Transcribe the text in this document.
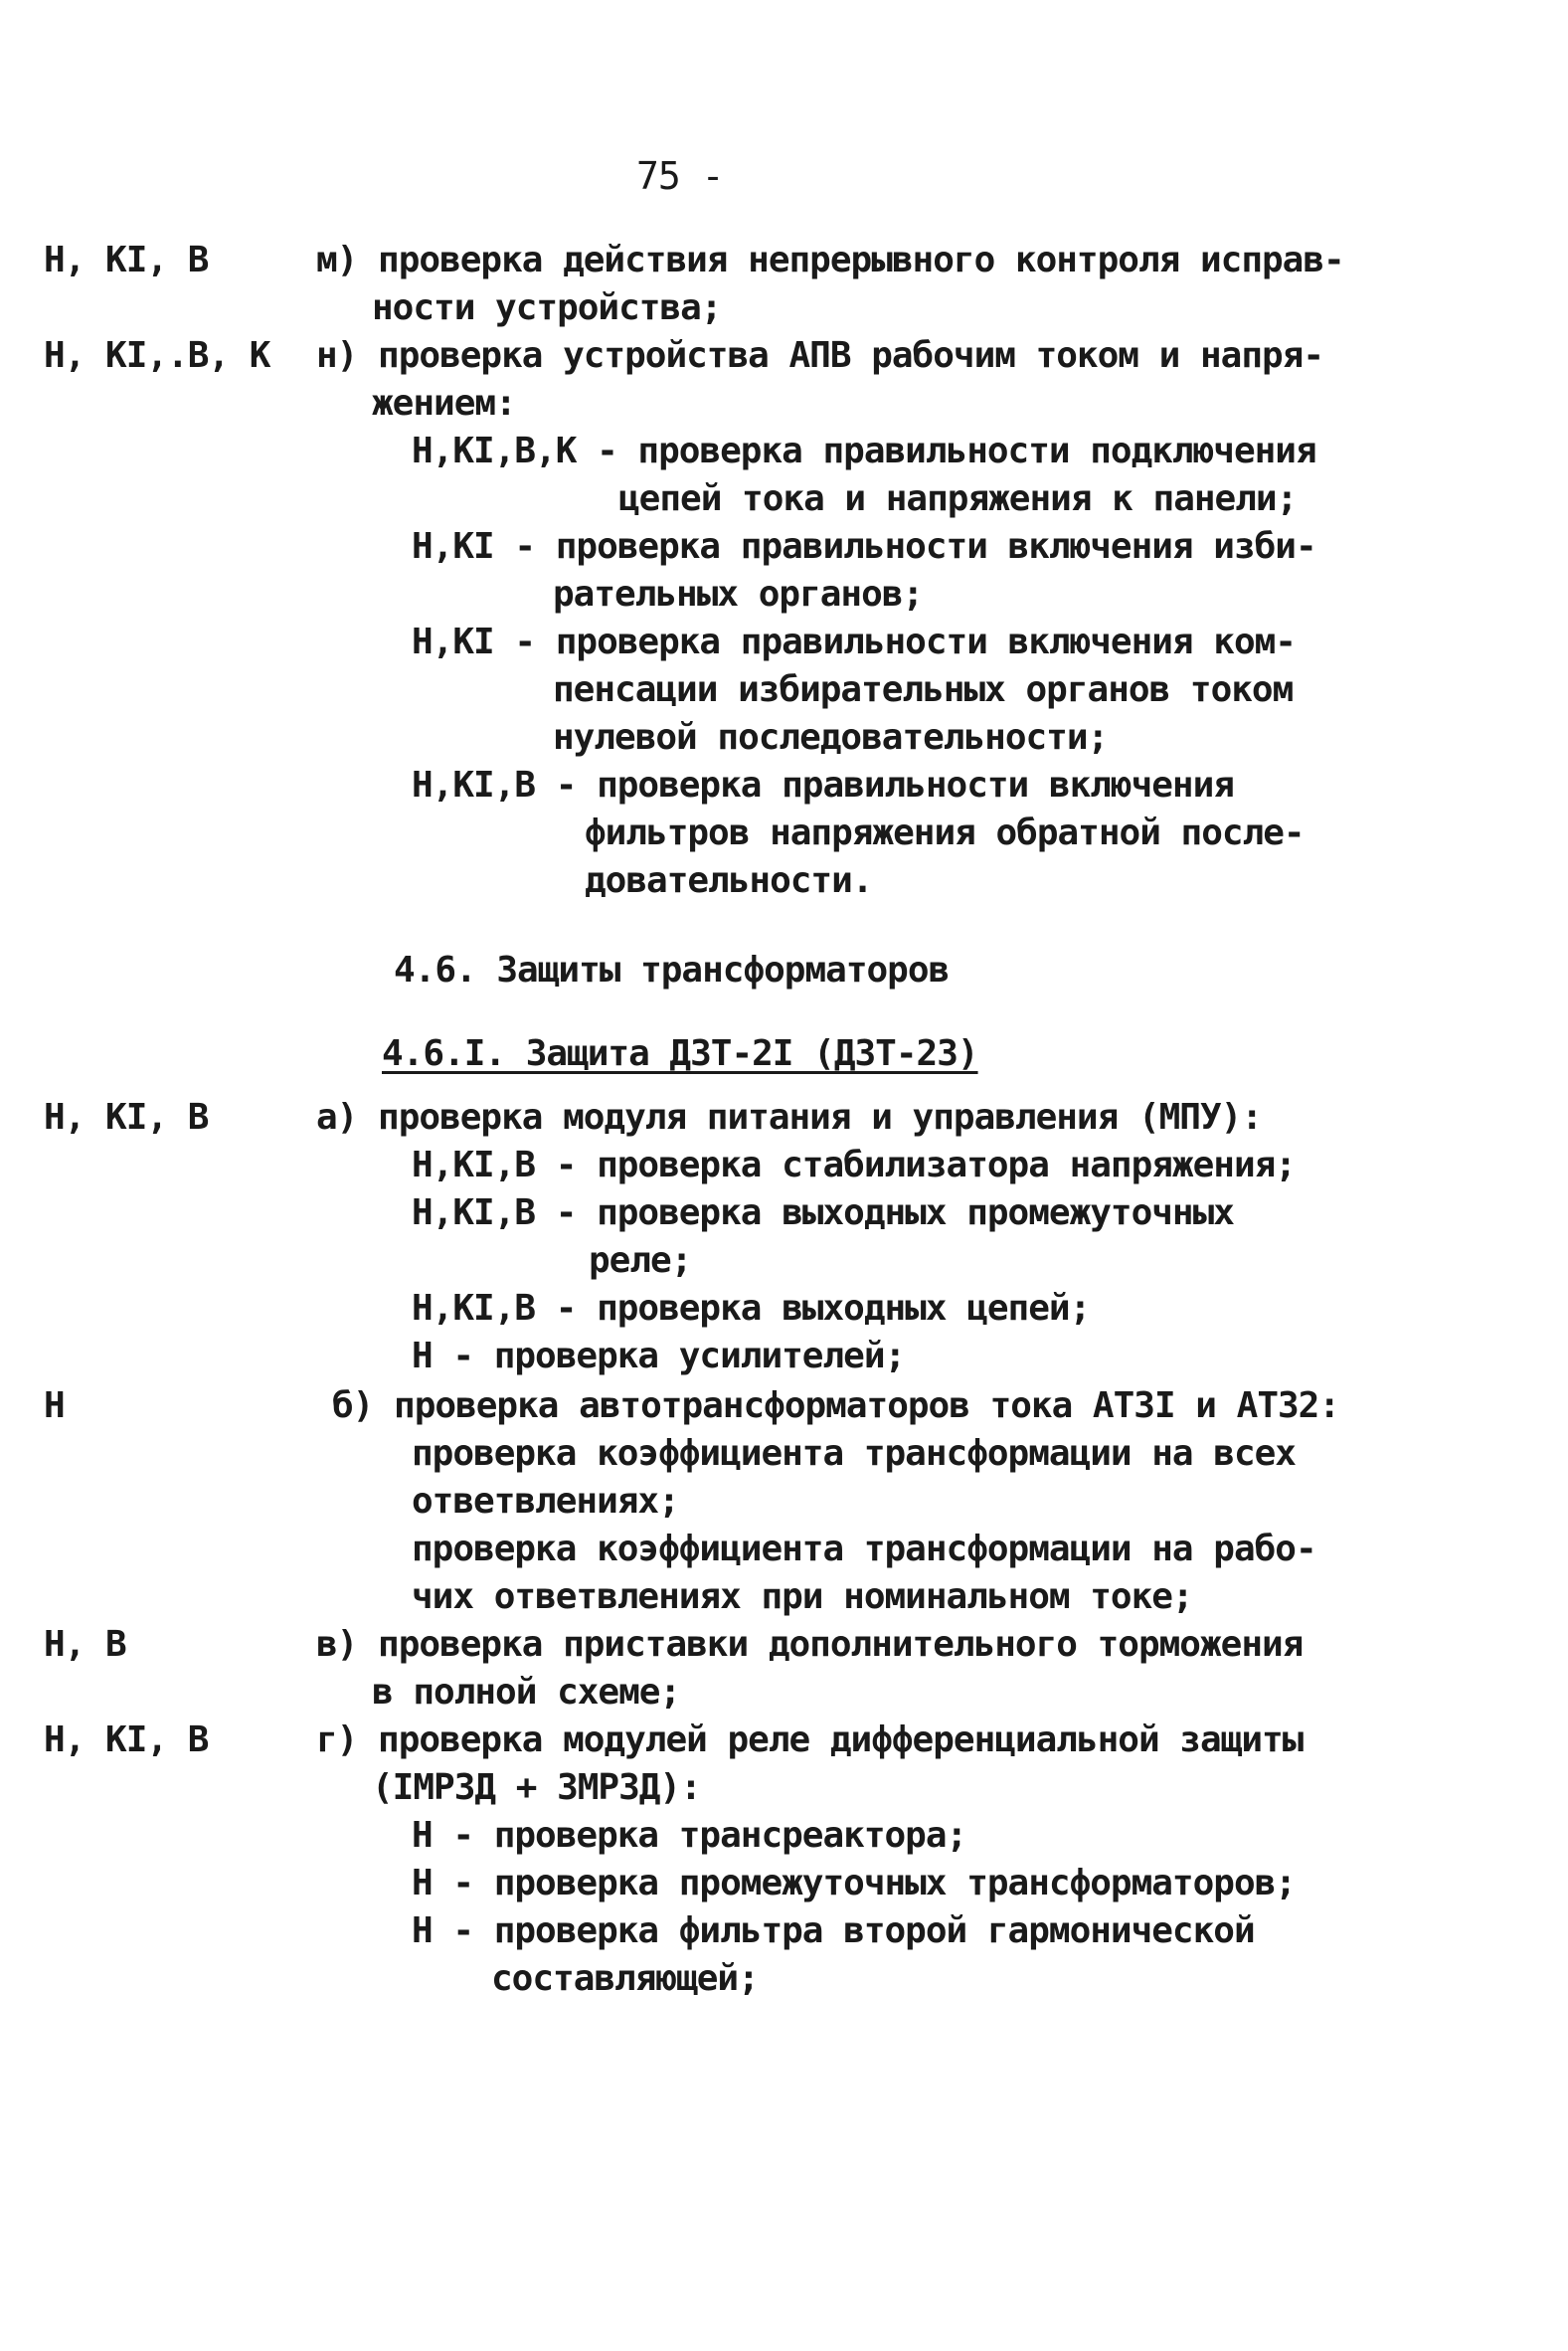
75 -
Н, КI, В	м) проверка действия непрерывного контроля исправ-
ности устройства;
Н, КI,.В, К н) проверка устройства АПВ рабочим током и напря-
жением:
Н,КI,В,К - проверка правильности подключения
цепей тока и напряжения к панели;
Н,КI - проверка правильности включения изби-
рательных органов;
Н,КI - проверка правильности включения ком-
пенсации избирательных органов током
нулевой последовательности;
Н,КI,В - проверка правильности включения
фильтров напряжения обратной после-
довательности.
4.6. Защиты трансформаторов
4.6.I. Защита ДЗТ-2I (ДЗТ-23)
Н, КI, В	а) проверка модуля питания и управления (МПУ):
Н,КI,В - проверка стабилизатора напряжения;
Н,КI,В - проверка выходных промежуточных
реле;
Н,КI,В - проверка выходных цепей;
Н - проверка усилителей;
Н	б) проверка автотрансформаторов тока АТЗI и АТЗ2:
проверка коэффициента трансформации на всех
ответвлениях;
проверка коэффициента трансформации на рабо-
чих ответвлениях при номинальном токе;
Н, В	в) проверка приставки дополнительного торможения
в полной схеме;
Н, КI, В	г) проверка модулей реле дифференциальной защиты
(IМРЗД + ЗМРЗД):
Н - проверка трансреактора;
Н - проверка промежуточных трансформаторов;
Н - проверка фильтра второй гармонической
составляющей;
